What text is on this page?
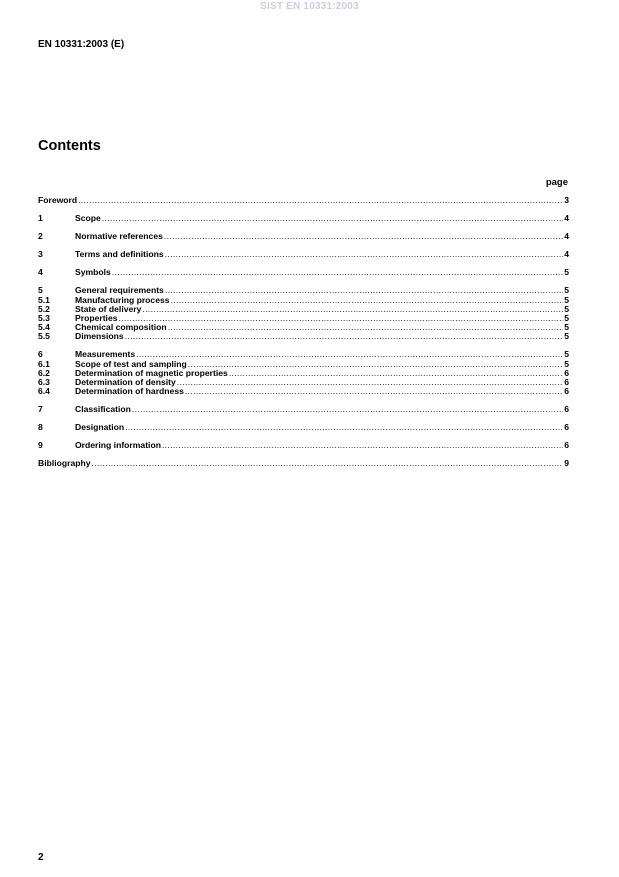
SIST EN 10331:2003
EN 10331:2003 (E)
Contents
page
Foreword .....	3
1	Scope .....	4
2	Normative references .....	4
3	Terms and definitions .....	4
4	Symbols .....	5
5	General requirements .....	5
5.1	Manufacturing process .....	5
5.2	State of delivery .....	5
5.3	Properties .....	5
5.4	Chemical composition .....	5
5.5	Dimensions .....	5
6	Measurements .....	5
6.1	Scope of test and sampling .....	5
6.2	Determination of magnetic properties .....	6
6.3	Determination of density .....	6
6.4	Determination of hardness .....	6
7	Classification .....	6
8	Designation .....	6
9	Ordering information .....	6
Bibliography .....	9
2
